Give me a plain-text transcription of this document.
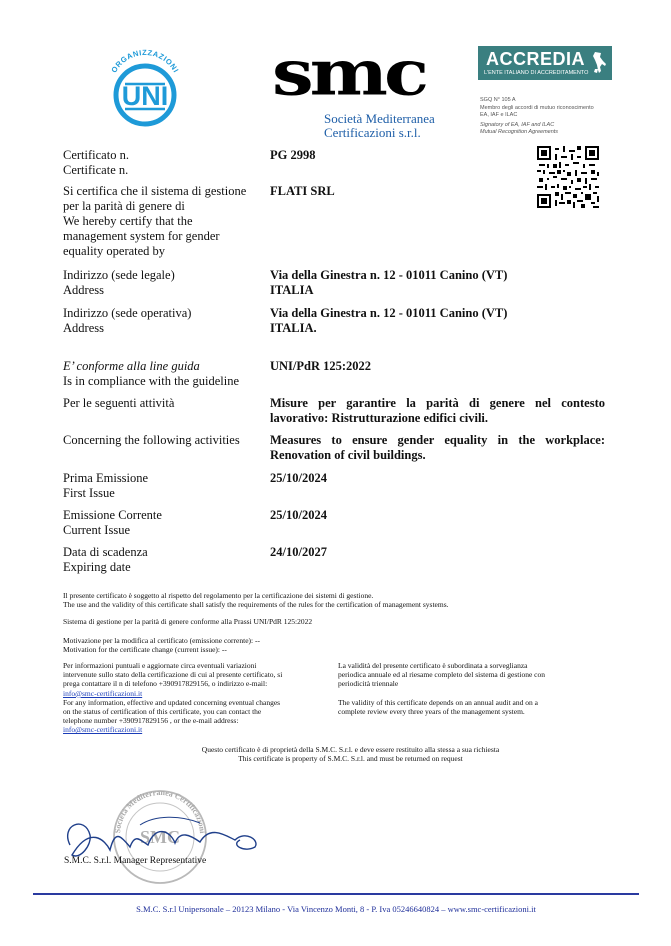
ORGANIZZAZIONI
UNI smc
Società Mediterranea
Certificazioni s.r.l.
ACCREDIA
L'ENTE ITALIANO DI ACCREDITAMENTO
SGQ N° 105 A
Membro degli accordi di mutuo riconoscimento
EA, IAF e ILAC
Signatory of EA, IAF and ILAC
Mutual Recognition Agreements
Certificato n.
Certificate n.
PG 2998
Si certifica che il sistema di gestione
per la parità di genere di
We hereby certify that the
management system for gender
equality operated by
FLATI SRL
Indirizzo (sede legale)
Address
Via della Ginestra n. 12 - 01011 Canino (VT)
ITALIA
Indirizzo (sede operativa)
Address
Via della Ginestra n. 12 - 01011 Canino (VT)
ITALIA.
E’ conforme alla line guida
Is in compliance with the guideline
UNI/PdR 125:2022
Per le seguenti attività	Misure per garantire la parità di genere nel contesto lavorativo: Ristrutturazione edifici civili.
Concerning the following activities	Measures to ensure gender equality in the workplace: Renovation of civil buildings.
Prima Emissione
First Issue
25/10/2024
Emissione Corrente
Current Issue
25/10/2024
Data di scadenza
Expiring date
24/10/2027
Il presente certificato è soggetto al rispetto del regolamento per la certificazione dei sistemi di gestione.
The use and the validity of this certificate shall satisfy the requirements of the rules for the certification of management systems.
Sistema di gestione per la parità di genere conforme alla Prassi UNI/PdR 125:2022
Motivazione per la modifica al certificato (emissione corrente): --
Motivation for the certificate change (current issue): --
Per informazioni puntuali e aggiornate circa eventuali variazioni
intervenute sullo stato della certificazione di cui al presente certificato, si
prega contattare il n di telefono +390917829156, o indirizzo e-mail:
info@smc-certificazioni.it
For any information, effective and updated concerning eventual changes
on the status of certification of this certificate, you can contact the
telephone number +390917829156 , or the e-mail address:
info@smc-certificazioni.it
La validità del presente certificato è subordinata a sorveglianza
periodica annuale ed al riesame completo del sistema di gestione con
periodicità triennale
The validity of this certificate depends on an annual audit and on a
complete review every three years of the management system.
Questo certificato è di proprietà della S.M.C. S.r.l. e deve essere restituito alla stessa a sua richiesta
This certificate is property of S.M.C. S.r.l. and must be returned on request
Società Mediterranea Certificazioni
SMC
S.M.C. S.r.l. Manager Representative
S.M.C. S.r.l Unipersonale – 20123 Milano - Via Vincenzo Monti, 8 - P. Iva 05246640824 – www.smc-certificazioni.it
